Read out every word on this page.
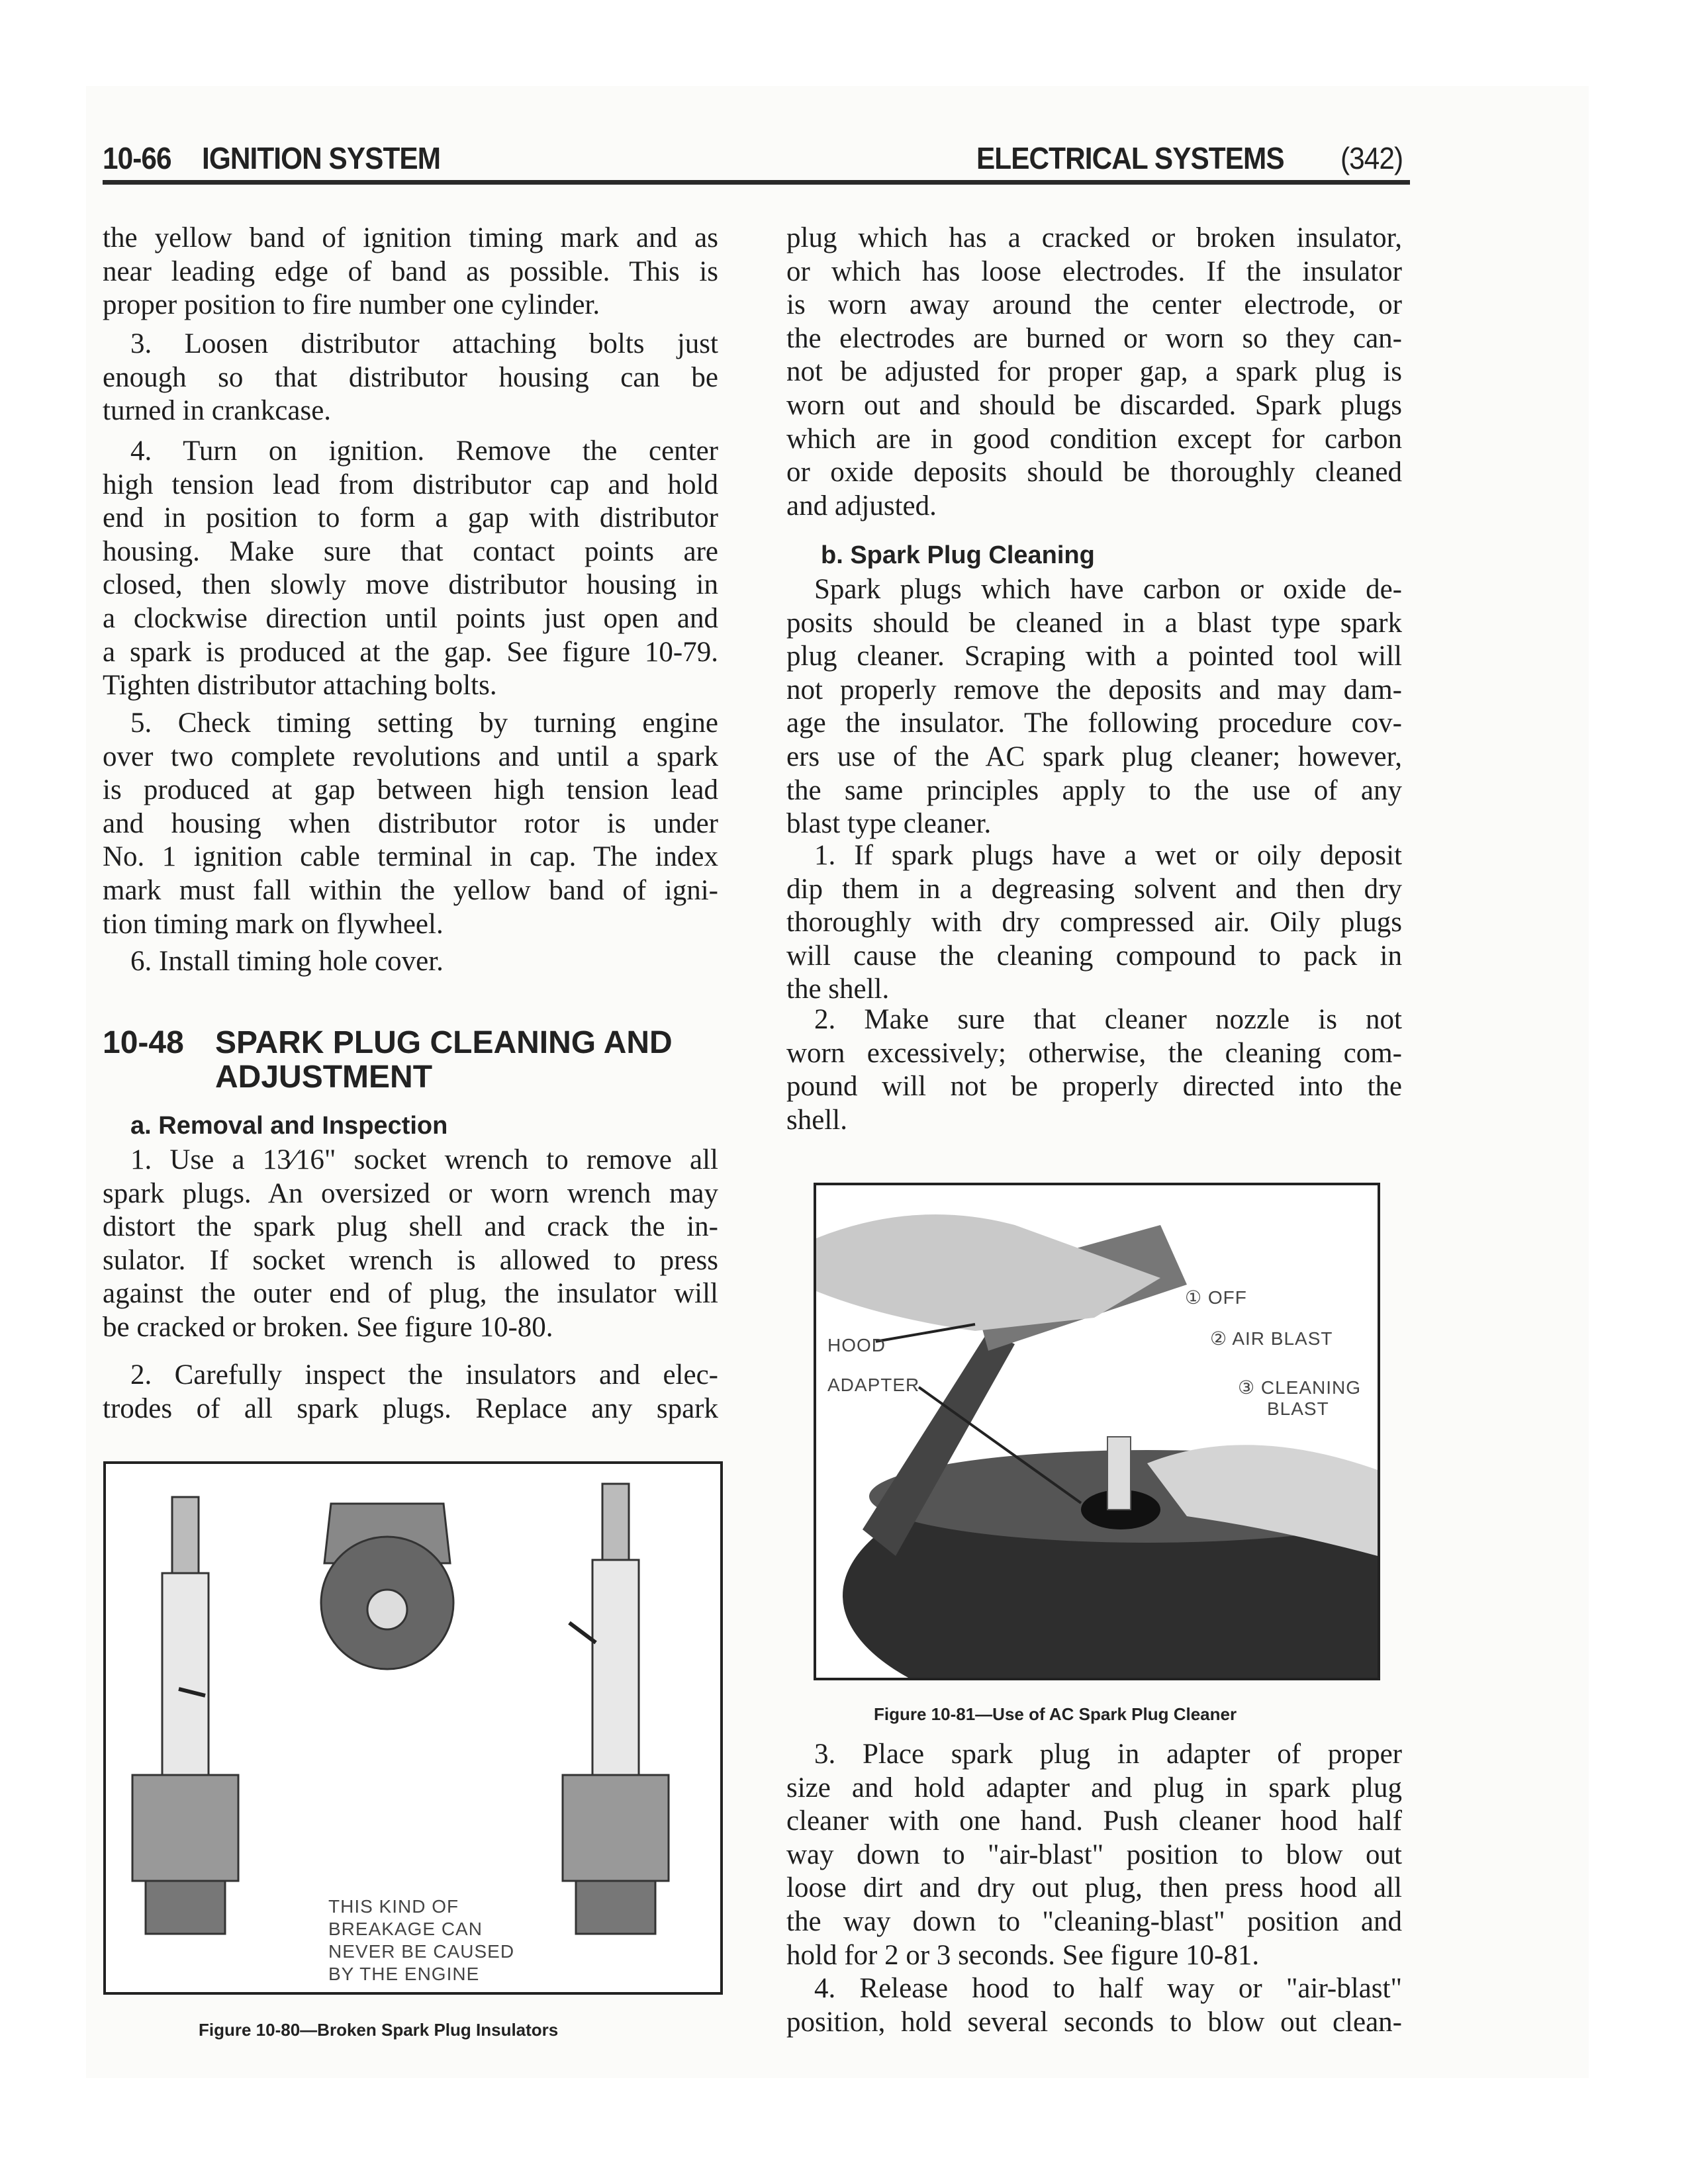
10-66 IGNITION SYSTEM	ELECTRICAL SYSTEMS (342)
the yellow band of ignition timing mark and as
near leading edge of band as possible. This is
proper position to fire number one cylinder.
3. Loosen distributor attaching bolts just
enough so that distributor housing can be
turned in crankcase.
4. Turn on ignition. Remove the center
high tension lead from distributor cap and hold
end in position to form a gap with distributor
housing. Make sure that contact points are
closed, then slowly move distributor housing in
a clockwise direction until points just open and
a spark is produced at the gap. See figure 10-79.
Tighten distributor attaching bolts.
5. Check timing setting by turning engine
over two complete revolutions and until a spark
is produced at gap between high tension lead
and housing when distributor rotor is under
No. 1 ignition cable terminal in cap. The index
mark must fall within the yellow band of igni-
tion timing mark on flywheel.
6. Install timing hole cover.
10-48 SPARK PLUG CLEANING AND
ADJUSTMENT
a. Removal and Inspection
1. Use a 13⁄16" socket wrench to remove all
spark plugs. An oversized or worn wrench may
distort the spark plug shell and crack the in-
sulator. If socket wrench is allowed to press
against the outer end of plug, the insulator will
be cracked or broken. See figure 10-80.
2. Carefully inspect the insulators and elec-
trodes of all spark plugs. Replace any spark
THIS KIND OF
BREAKAGE CAN
NEVER BE CAUSED
BY THE ENGINE
Figure 10-80—Broken Spark Plug Insulators
plug which has a cracked or broken insulator,
or which has loose electrodes. If the insulator
is worn away around the center electrode, or
the electrodes are burned or worn so they can-
not be adjusted for proper gap, a spark plug is
worn out and should be discarded. Spark plugs
which are in good condition except for carbon
or oxide deposits should be thoroughly cleaned
and adjusted.
b. Spark Plug Cleaning
Spark plugs which have carbon or oxide de-
posits should be cleaned in a blast type spark
plug cleaner. Scraping with a pointed tool will
not properly remove the deposits and may dam-
age the insulator. The following procedure cov-
ers use of the AC spark plug cleaner; however,
the same principles apply to the use of any
blast type cleaner.
1. If spark plugs have a wet or oily deposit
dip them in a degreasing solvent and then dry
thoroughly with dry compressed air. Oily plugs
will cause the cleaning compound to pack in
the shell.
2. Make sure that cleaner nozzle is not
worn excessively; otherwise, the cleaning com-
pound will not be properly directed into the
shell.
HOOD
ADAPTER
① OFF
② AIR BLAST
③ CLEANING
BLAST
Figure 10-81—Use of AC Spark Plug Cleaner
3. Place spark plug in adapter of proper
size and hold adapter and plug in spark plug
cleaner with one hand. Push cleaner hood half
way down to "air-blast" position to blow out
loose dirt and dry out plug, then press hood all
the way down to "cleaning-blast" position and
hold for 2 or 3 seconds. See figure 10-81.
4. Release hood to half way or "air-blast"
position, hold several seconds to blow out clean-
